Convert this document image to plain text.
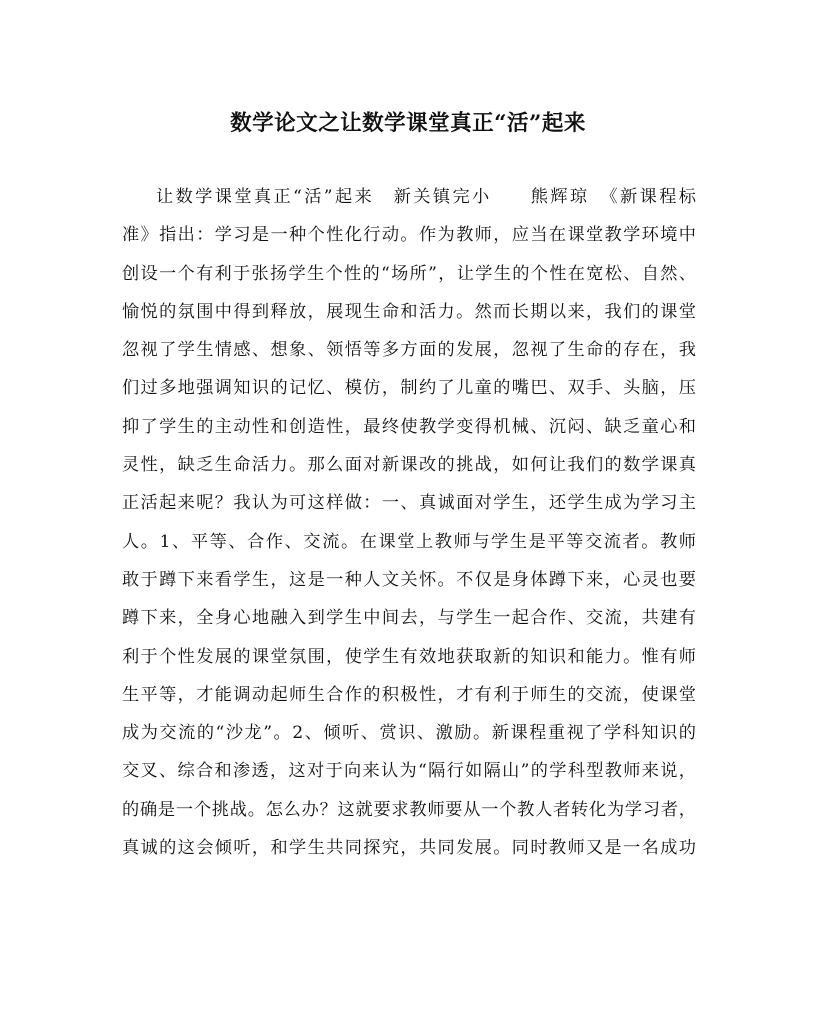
数学论文之让数学课堂真正“活”起来
让数学课堂真正“活”起来　新关镇完小　　熊辉琼　《新课程标
准》指出：学习是一种个性化行动。作为教师，应当在课堂教学环境中
创设一个有利于张扬学生个性的“场所”，让学生的个性在宽松、自然、
愉悦的氛围中得到释放，展现生命和活力。然而长期以来，我们的课堂
忽视了学生情感、想象、领悟等多方面的发展，忽视了生命的存在，我
们过多地强调知识的记忆、模仿，制约了儿童的嘴巴、双手、头脑，压
抑了学生的主动性和创造性，最终使教学变得机械、沉闷、缺乏童心和
灵性，缺乏生命活力。那么面对新课改的挑战，如何让我们的数学课真
正活起来呢？我认为可这样做：一、真诚面对学生，还学生成为学习主
人。1、平等、合作、交流。在课堂上教师与学生是平等交流者。教师
敢于蹲下来看学生，这是一种人文关怀。不仅是身体蹲下来，心灵也要
蹲下来，全身心地融入到学生中间去，与学生一起合作、交流，共建有
利于个性发展的课堂氛围，使学生有效地获取新的知识和能力。惟有师
生平等，才能调动起师生合作的积极性，才有利于师生的交流，使课堂
成为交流的“沙龙”。2、倾听、赏识、激励。新课程重视了学科知识的
交叉、综合和渗透，这对于向来认为“隔行如隔山”的学科型教师来说，
的确是一个挑战。怎么办？这就要求教师要从一个教人者转化为学习者，
真诚的这会倾听，和学生共同探究，共同发展。同时教师又是一名成功
